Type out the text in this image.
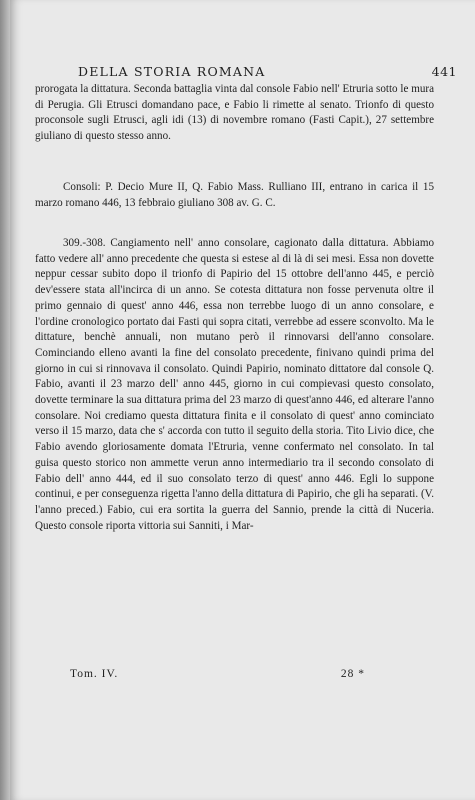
DELLA STORIA ROMANA	441

prorogata la dittatura. Seconda battaglia vinta dal console Fabio nell' Etruria sotto le mura di Perugia. Gli Etrusci domandano pace, e Fabio li rimette al senato. Trionfo di questo proconsole sugli Etrusci, agli idi (13) di novembre romano (Fasti Capit.), 27 settembre giuliano di questo stesso anno.

Consoli: P. Decio Mure II, Q. Fabio Mass. Rulliano III, entrano in carica il 15 marzo romano 446, 13 febbraio giuliano 308 av. G. C.

309.-308. Cangiamento nell' anno consolare, cagionato dalla dittatura. Abbiamo fatto vedere all' anno precedente che questa si estese al di là di sei mesi. Essa non dovette neppur cessar subito dopo il trionfo di Papirio del 15 ottobre dell'anno 445, e perciò dev'essere stata all'incirca di un anno. Se cotesta dittatura non fosse pervenuta oltre il primo gennaio di quest' anno 446, essa non terrebbe luogo di un anno consolare, e l'ordine cronologico portato dai Fasti qui sopra citati, verrebbe ad essere sconvolto. Ma le dittature, benchè annuali, non mutano però il rinnovarsi dell'anno consolare. Cominciando elleno avanti la fine del consolato precedente, finivano quindi prima del giorno in cui si rinnovava il consolato. Quindi Papirio, nominato dittatore dal console Q. Fabio, avanti il 23 marzo dell' anno 445, giorno in cui compievasi questo consolato, dovette terminare la sua dittatura prima del 23 marzo di quest'anno 446, ed alterare l'anno consolare. Noi crediamo questa dittatura finita e il consolato di quest' anno cominciato verso il 15 marzo, data che s' accorda con tutto il seguito della storia. Tito Livio dice, che Fabio avendo gloriosamente domata l'Etruria, venne confermato nel consolato. In tal guisa questo storico non ammette verun anno intermediario tra il secondo consolato di Fabio dell' anno 444, ed il suo consolato terzo di quest' anno 446. Egli lo suppone continui, e per conseguenza rigetta l'anno della dittatura di Papirio, che gli ha separati. (V. l'anno preced.) Fabio, cui era sortita la guerra del Sannio, prende la città di Nuceria. Questo console riporta vittoria sui Sanniti, i Mar-

Tom. IV.	28 *
